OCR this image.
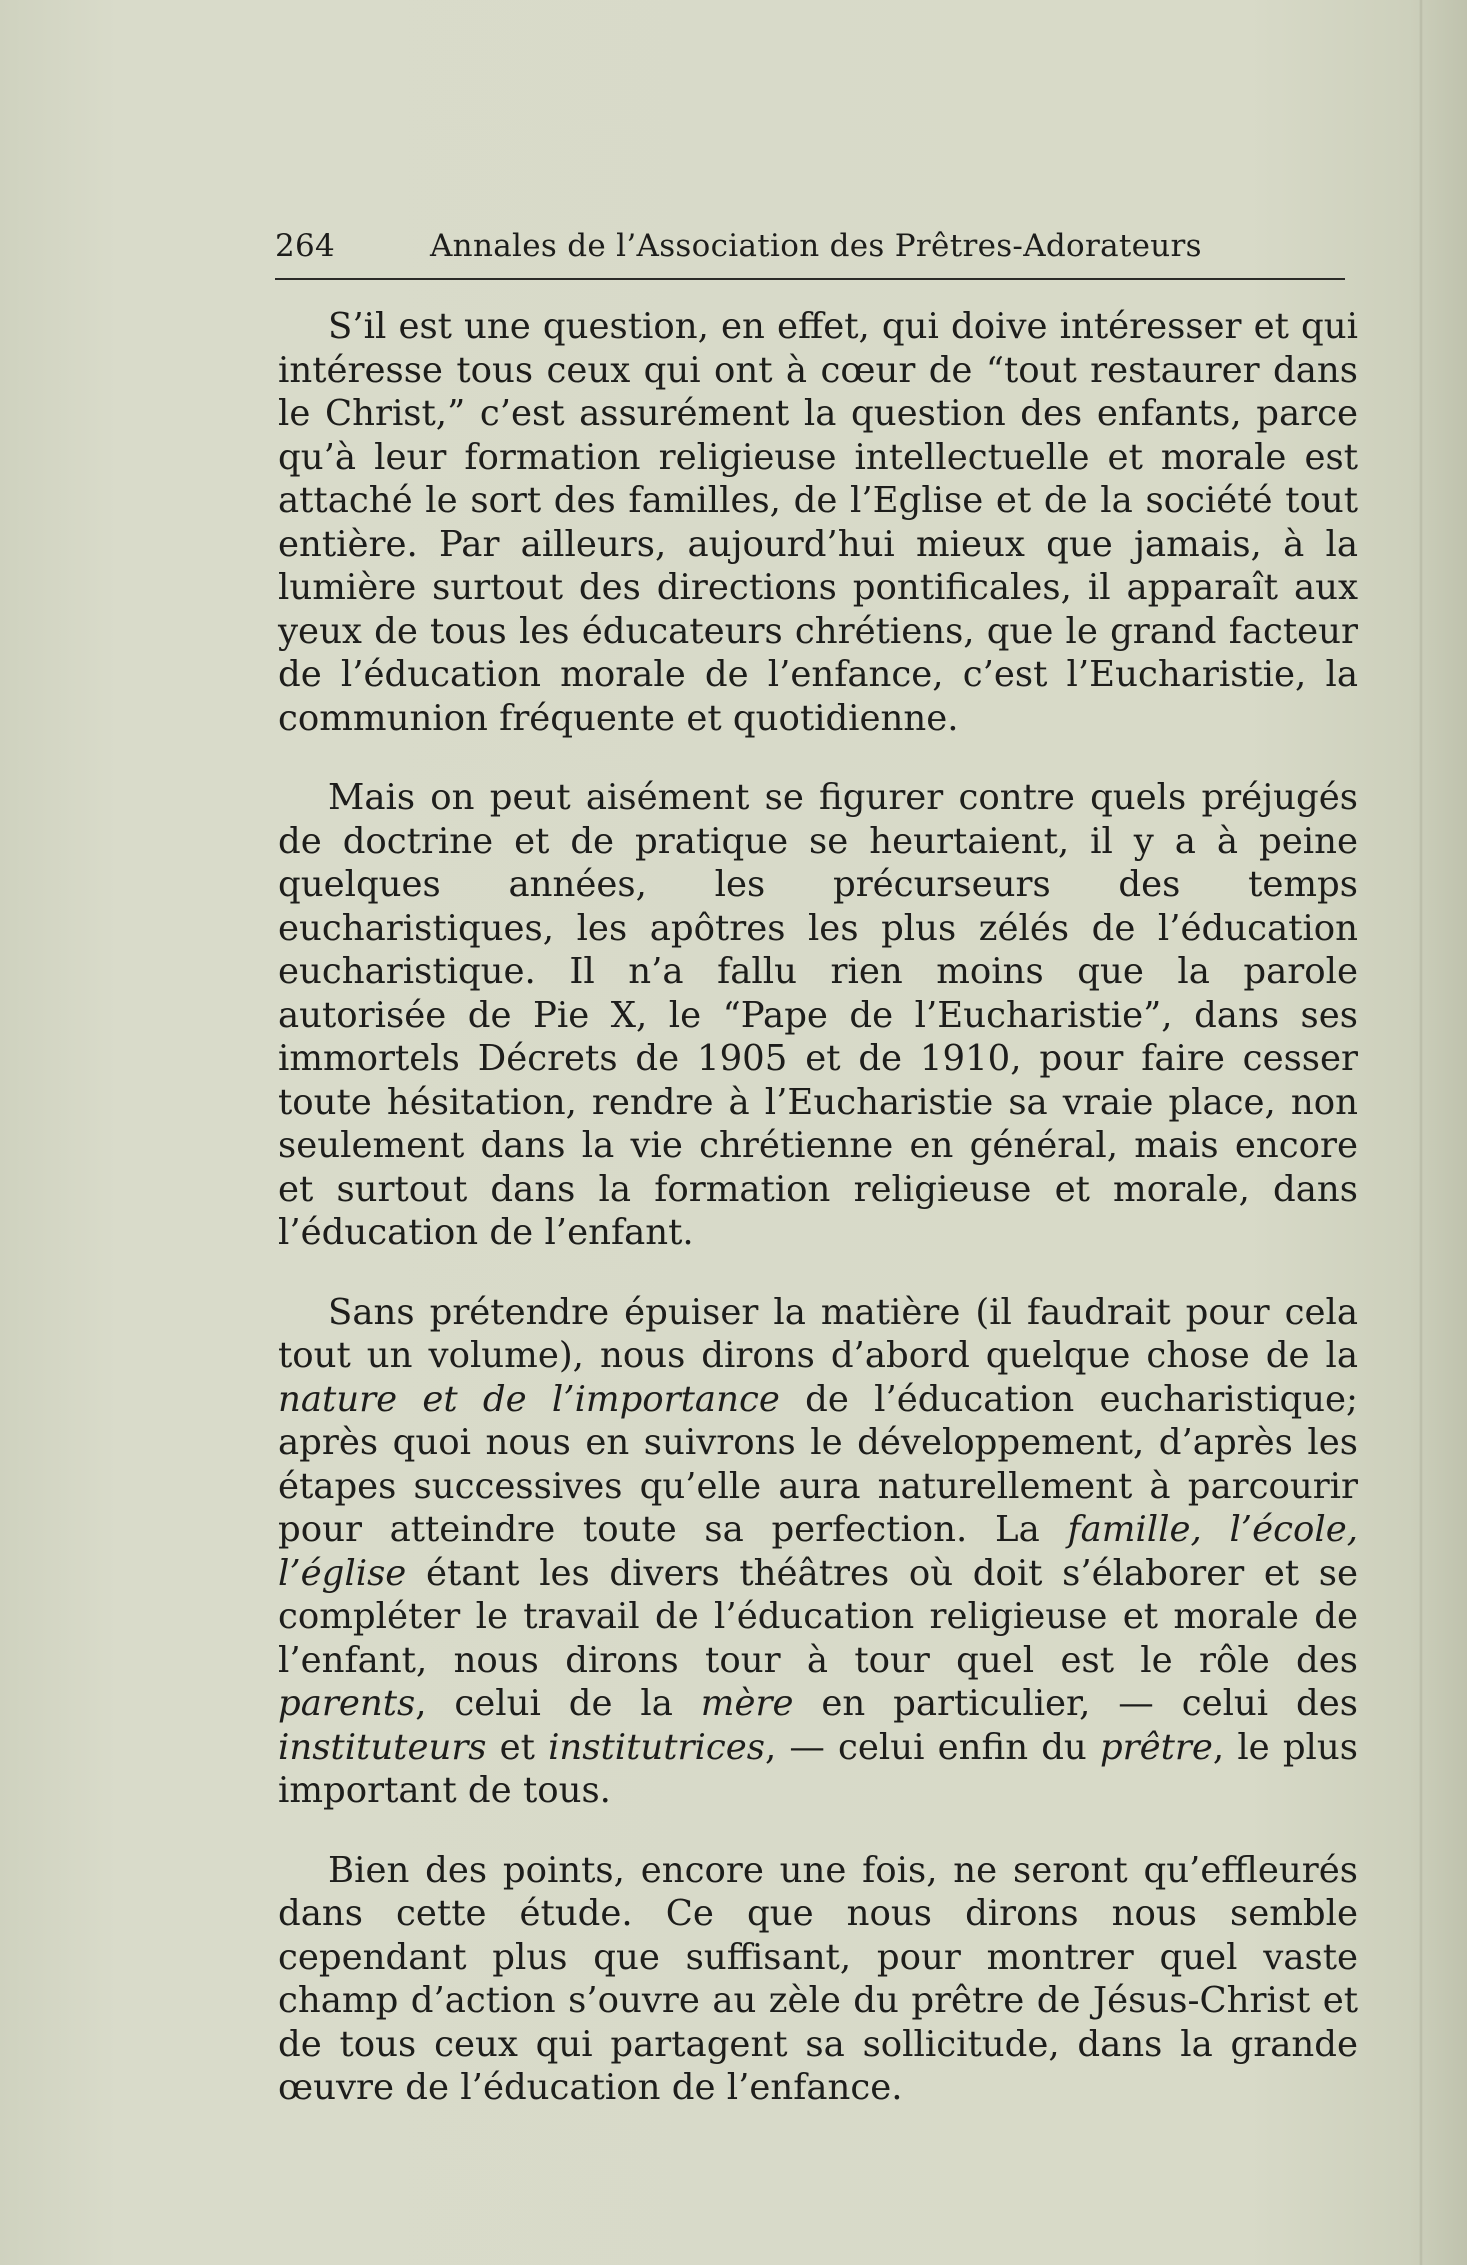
264	Annales de l’Association des Prêtres-Adorateurs

S’il est une question, en effet, qui doive intéresser et qui intéresse tous ceux qui ont à cœur de “tout restaurer dans le Christ,” c’est assurément la question des enfants, parce qu’à leur formation religieuse intellectuelle et morale est attaché le sort des familles, de l’Eglise et de la société tout entière. Par ailleurs, aujourd’hui mieux que jamais, à la lumière surtout des directions pontificales, il apparaît aux yeux de tous les éducateurs chrétiens, que le grand facteur de l’éducation morale de l’enfance, c’est l’Eucharistie, la communion fréquente et quotidienne.

Mais on peut aisément se figurer contre quels préjugés de doctrine et de pratique se heurtaient, il y a à peine quelques années, les précurseurs des temps eucharistiques, les apôtres les plus zélés de l’éducation eucharistique. Il n’a fallu rien moins que la parole autorisée de Pie X, le “Pape de l’Eucharistie”, dans ses immortels Décrets de 1905 et de 1910, pour faire cesser toute hésitation, rendre à l’Eucharistie sa vraie place, non seulement dans la vie chrétienne en général, mais encore et surtout dans la formation religieuse et morale, dans l’éducation de l’enfant.

Sans prétendre épuiser la matière (il faudrait pour cela tout un volume), nous dirons d’abord quelque chose de la nature et de l’importance de l’éducation eucharistique; après quoi nous en suivrons le développement, d’après les étapes successives qu’elle aura naturellement à parcourir pour atteindre toute sa perfection. La famille, l’école, l’église étant les divers théâtres où doit s’élaborer et se compléter le travail de l’éducation religieuse et morale de l’enfant, nous dirons tour à tour quel est le rôle des parents, celui de la mère en particulier, — celui des instituteurs et institutrices, — celui enfin du prêtre, le plus important de tous.

Bien des points, encore une fois, ne seront qu’effleurés dans cette étude. Ce que nous dirons nous semble cependant plus que suffisant, pour montrer quel vaste champ d’action s’ouvre au zèle du prêtre de Jésus-Christ et de tous ceux qui partagent sa sollicitude, dans la grande œuvre de l’éducation de l’enfance.
